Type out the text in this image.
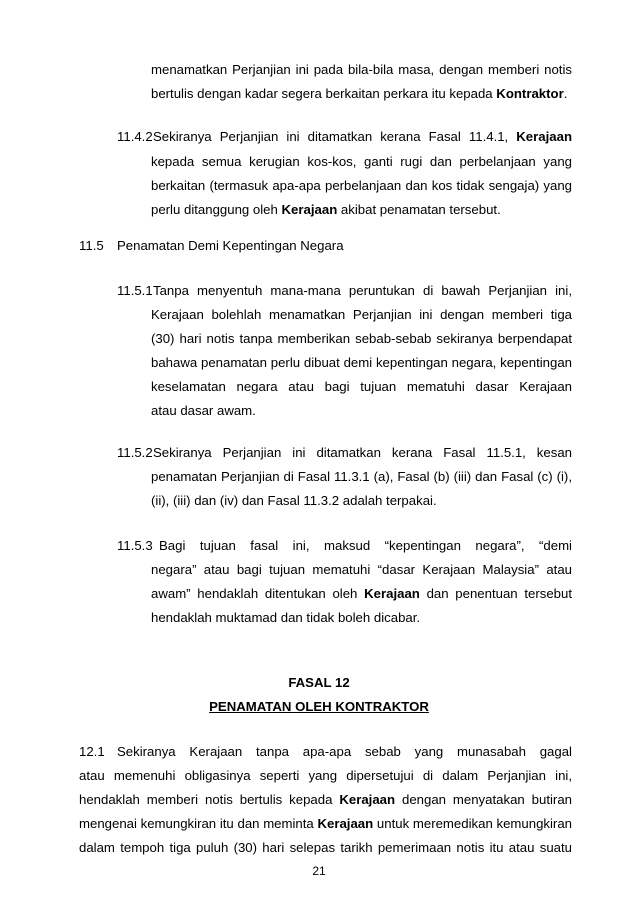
menamatkan Perjanjian ini pada bila-bila masa, dengan memberi notis
bertulis dengan kadar segera berkaitan perkara itu kepada Kontraktor.
11.4.2 Sekiranya Perjanjian ini ditamatkan kerana Fasal 11.4.1, Kerajaan
kepada semua kerugian kos-kos, ganti rugi dan perbelanjaan yang
berkaitan (termasuk apa-apa perbelanjaan dan kos tidak sengaja) yang
perlu ditanggung oleh Kerajaan akibat penamatan tersebut.
11.5 Penamatan Demi Kepentingan Negara
11.5.1 Tanpa menyentuh mana-mana peruntukan di bawah Perjanjian ini,
Kerajaan bolehlah menamatkan Perjanjian ini dengan memberi tiga
(30) hari notis tanpa memberikan sebab-sebab sekiranya berpendapat
bahawa penamatan perlu dibuat demi kepentingan negara, kepentingan
keselamatan negara atau bagi tujuan mematuhi dasar Kerajaan
atau dasar awam.
11.5.2 Sekiranya Perjanjian ini ditamatkan kerana Fasal 11.5.1, kesan
penamatan Perjanjian di Fasal 11.3.1 (a), Fasal (b) (iii) dan Fasal (c) (i),
(ii), (iii) dan (iv) dan Fasal 11.3.2 adalah terpakai.
11.5.3 Bagi tujuan fasal ini, maksud “kepentingan negara”, “demi
negara” atau bagi tujuan mematuhi “dasar Kerajaan Malaysia” atau
awam” hendaklah ditentukan oleh Kerajaan dan penentuan tersebut
hendaklah muktamad dan tidak boleh dicabar.
FASAL 12
PENAMATAN OLEH KONTRAKTOR
12.1 Sekiranya Kerajaan tanpa apa-apa sebab yang munasabah gagal
atau memenuhi obligasinya seperti yang dipersetujui di dalam Perjanjian ini,
hendaklah memberi notis bertulis kepada Kerajaan dengan menyatakan butiran
mengenai kemungkiran itu dan meminta Kerajaan untuk meremedikan kemungkiran
dalam tempoh tiga puluh (30) hari selepas tarikh pemerimaan notis itu atau suatu
21
